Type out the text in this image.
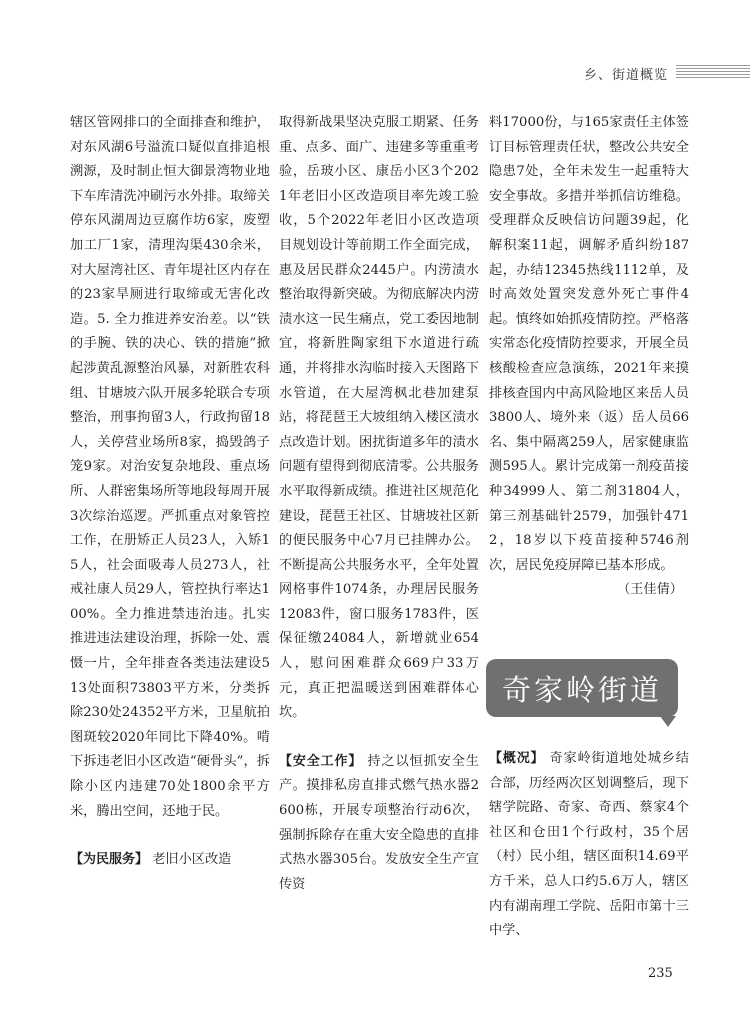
乡、街道概览

辖区管网排口的全面排查和维护，对东风湖6号溢流口疑似直排追根溯源，及时制止恒大御景湾物业地下车库清洗冲刷污水外排。取缔关停东风湖周边豆腐作坊6家，废塑加工厂1家，清理沟渠430余米，对大屋湾社区、青年堤社区内存在的23家旱厕进行取缔或无害化改造。5. 全力推进养安治差。以“铁的手腕、铁的决心、铁的措施”掀起涉黄乱源整治风暴，对新胜农科组、甘塘坡六队开展多轮联合专项整治，刑事拘留3人，行政拘留18人，关停营业场所8家，捣毁鸽子笼9家。对治安复杂地段、重点场所、人群密集场所等地段每周开展3次综治巡逻。严抓重点对象管控工作，在册矫正人员23人，入矫15人，社会面吸毒人员273人，社戒社康人员29人，管控执行率达100%。全力推进禁违治违。扎实推进违法建设治理，拆除一处、震慑一片，全年排查各类违法建设513处面积73803平方米，分类拆除230处24352平方米，卫星航拍图斑较2020年同比下降40%。啃下拆违老旧小区改造“硬骨头”，拆除小区内违建70处1800余平方米，腾出空间，还地于民。

【为民服务】 老旧小区改造

取得新战果坚决克服工期紧、任务重、点多、面广、违建多等重重考验，岳玻小区、康岳小区3个2021年老旧小区改造项目率先竣工验收，5个2022年老旧小区改造项目规划设计等前期工作全面完成，惠及居民群众2445户。内涝渍水整治取得新突破。为彻底解决内涝渍水这一民生痛点，党工委因地制宜，将新胜陶家组下水道进行疏通，并将排水沟临时接入天图路下水管道，在大屋湾枫北巷加建泵站，将琵琶王大坡组纳入楼区渍水点改造计划。困扰街道多年的渍水问题有望得到彻底清零。公共服务水平取得新成绩。推进社区规范化建设，琵琶王社区、甘塘坡社区新的便民服务中心7月已挂牌办公。不断提高公共服务水平，全年处置网格事件1074条，办理居民服务12083件，窗口服务1783件，医保征缴24084人，新增就业654人，慰问困难群众669户33万元，真正把温暖送到困难群体心坎。

【安全工作】 持之以恒抓安全生产。摸排私房直排式燃气热水器2600栋，开展专项整治行动6次，强制拆除存在重大安全隐患的直排式热水器305台。发放安全生产宣传资

料17000份，与165家责任主体签订目标管理责任状，整改公共安全隐患7处，全年未发生一起重特大安全事故。多措并举抓信访维稳。受理群众反映信访问题39起，化解积案11起，调解矛盾纠纷187起，办结12345热线1112单，及时高效处置突发意外死亡事件4起。慎终如始抓疫情防控。严格落实常态化疫情防控要求，开展全员核酸检查应急演练，2021年来摸排核查国内中高风险地区来岳人员3800人、境外来（返）岳人员66名、集中隔离259人，居家健康监测595人。累计完成第一剂疫苗接种34999人、第二剂31804人，第三剂基础针2579，加强针4712，18岁以下疫苗接种5746剂次，居民免疫屏障已基本形成。

（王佳倩）

奇家岭街道

【概况】 奇家岭街道地处城乡结合部，历经两次区划调整后，现下辖学院路、奇家、奇西、蔡家4个社区和仓田1个行政村，35个居（村）民小组，辖区面积14.69平方千米，总人口约5.6万人，辖区内有湖南理工学院、岳阳市第十三中学、

235
